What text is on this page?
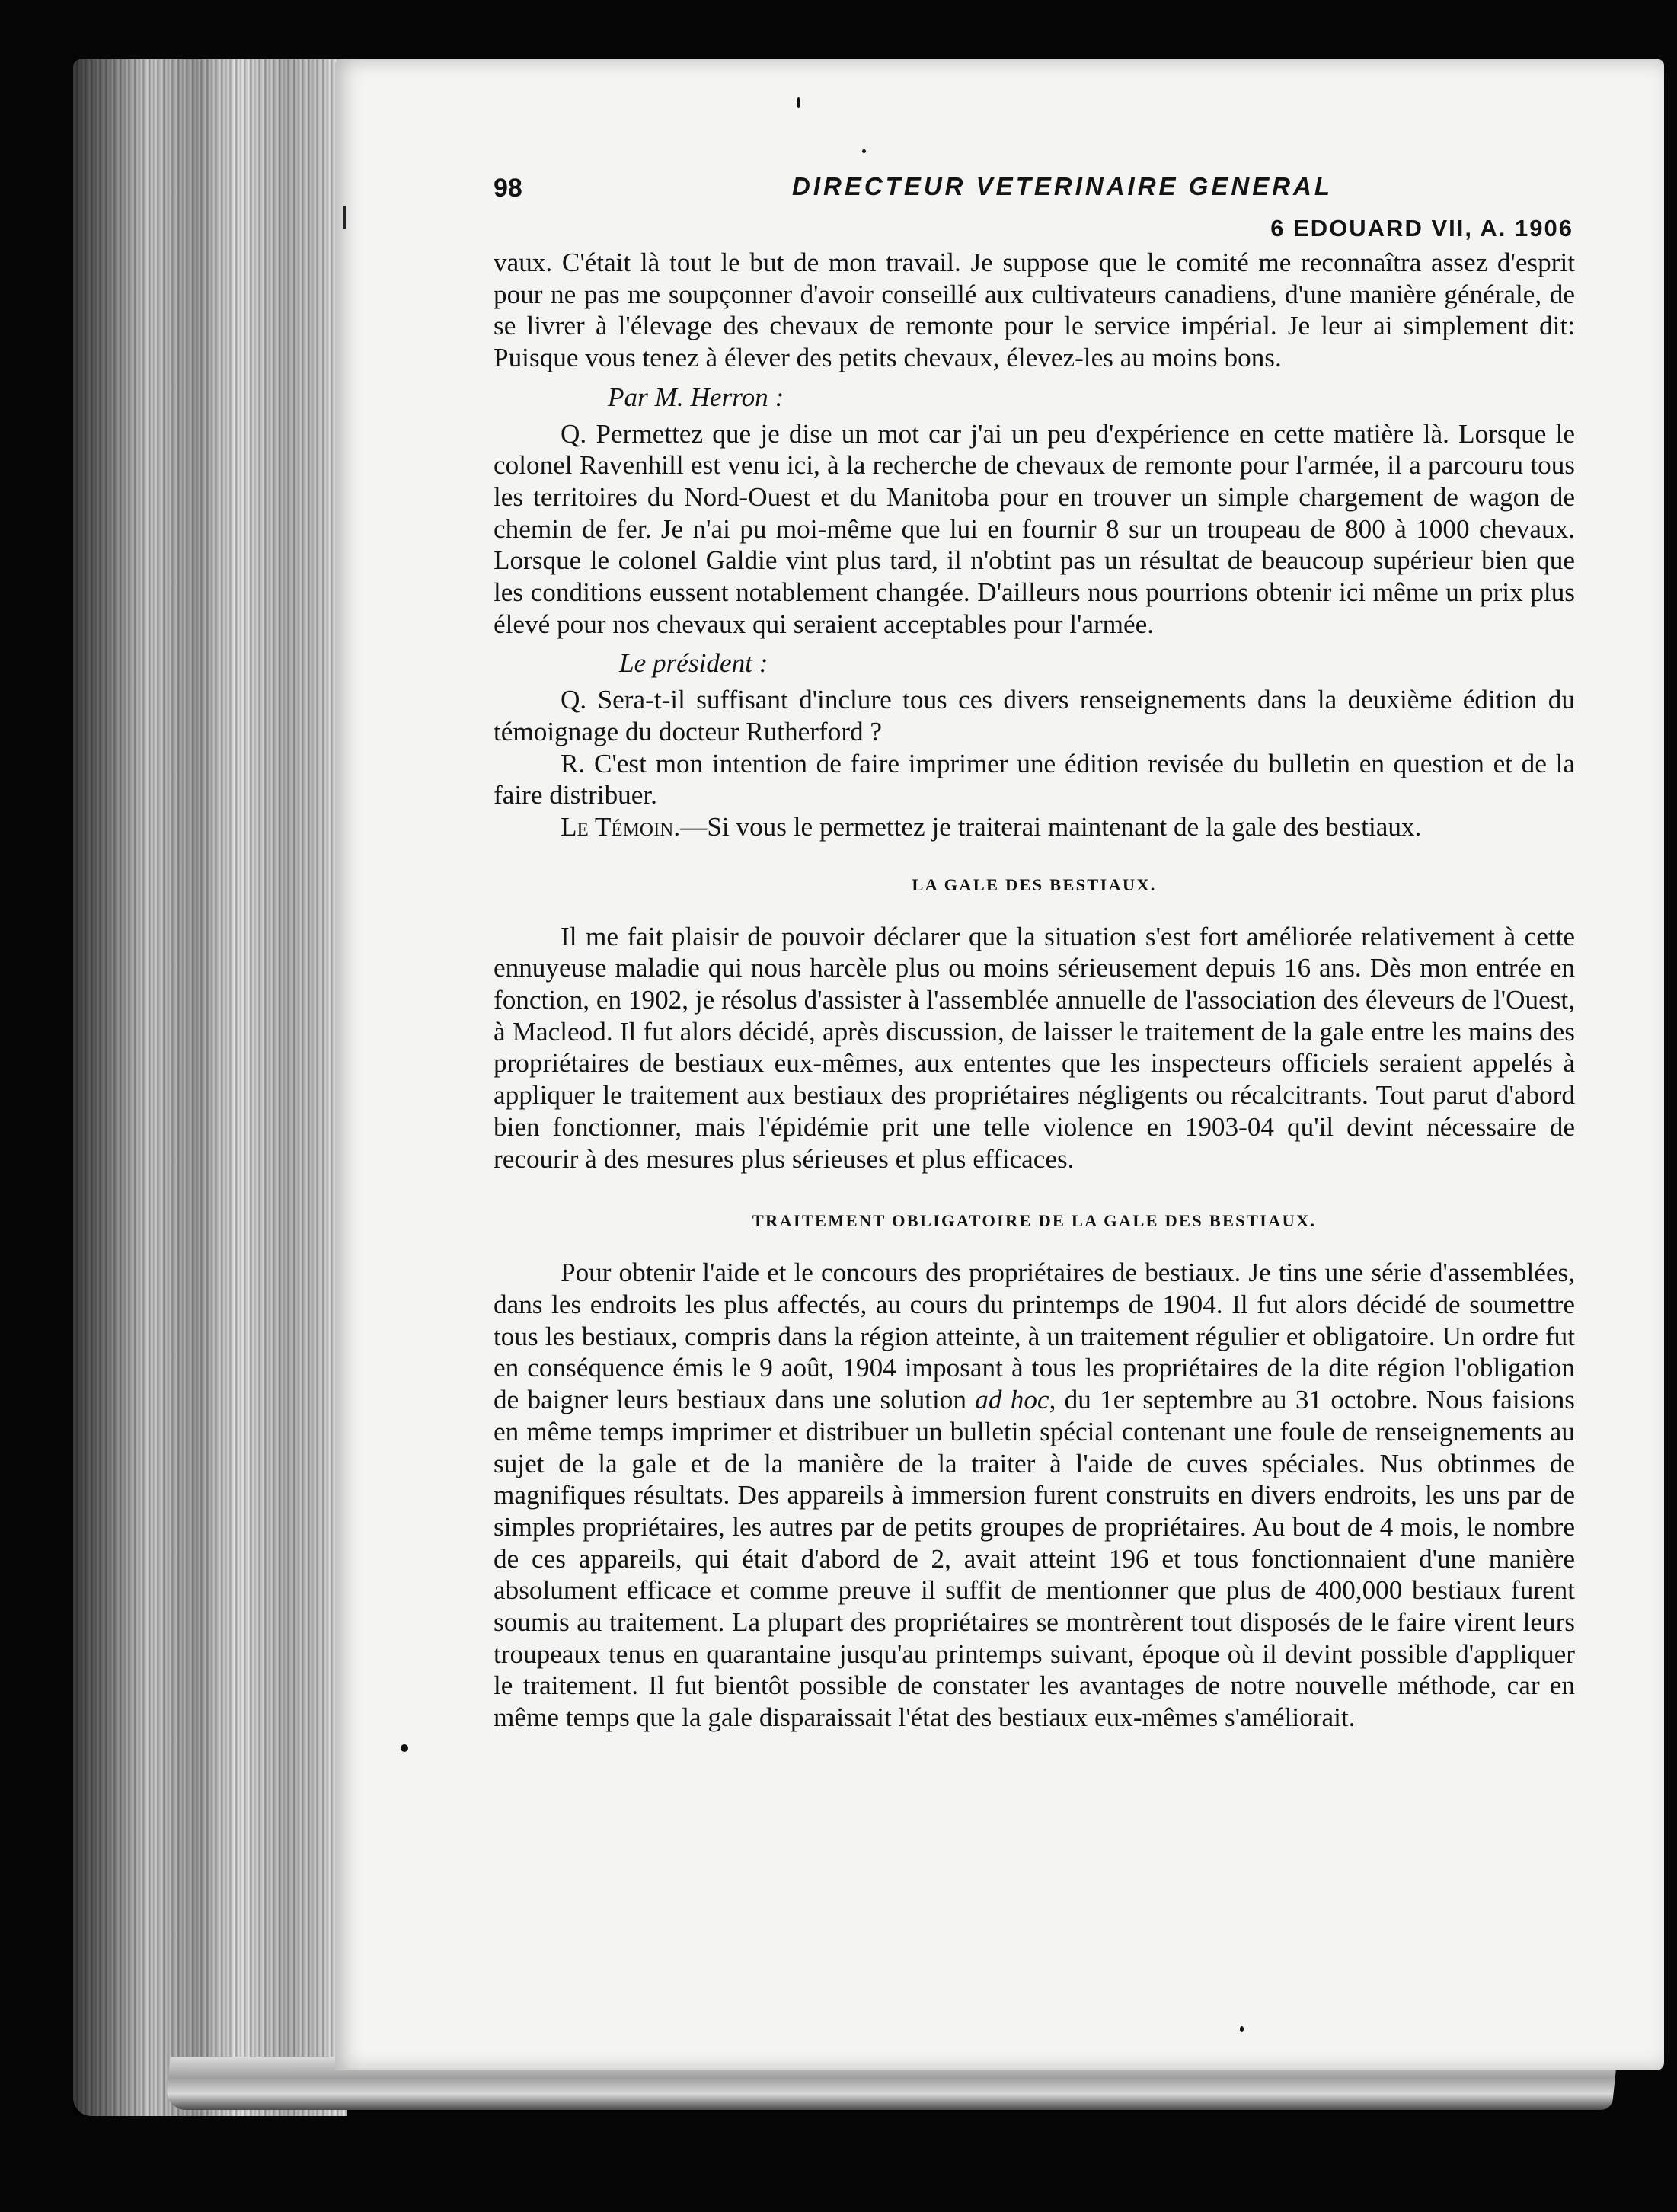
98	DIRECTEUR VETERINAIRE GENERAL
6 EDOUARD VII, A. 1906

vaux. C'était là tout le but de mon travail. Je suppose que le comité me reconnaîtra assez d'esprit pour ne pas me soupçonner d'avoir conseillé aux cultivateurs canadiens, d'une manière générale, de se livrer à l'élevage des chevaux de remonte pour le service impérial. Je leur ai simplement dit: Puisque vous tenez à élever des petits chevaux, élevez-les au moins bons.

Par M. Herron :

Q. Permettez que je dise un mot car j'ai un peu d'expérience en cette matière là. Lorsque le colonel Ravenhill est venu ici, à la recherche de chevaux de remonte pour l'armée, il a parcouru tous les territoires du Nord-Ouest et du Manitoba pour en trouver un simple chargement de wagon de chemin de fer. Je n'ai pu moi-même que lui en fournir 8 sur un troupeau de 800 à 1000 chevaux. Lorsque le colonel Galdie vint plus tard, il n'obtint pas un résultat de beaucoup supérieur bien que les conditions eussent notablement changée. D'ailleurs nous pourrions obtenir ici même un prix plus élevé pour nos chevaux qui seraient acceptables pour l'armée.

Le président :

Q. Sera-t-il suffisant d'inclure tous ces divers renseignements dans la deuxième édition du témoignage du docteur Rutherford ?

R. C'est mon intention de faire imprimer une édition revisée du bulletin en question et de la faire distribuer.

Le Témoin.—Si vous le permettez je traiterai maintenant de la gale des bestiaux.

LA GALE DES BESTIAUX.

Il me fait plaisir de pouvoir déclarer que la situation s'est fort améliorée relativement à cette ennuyeuse maladie qui nous harcèle plus ou moins sérieusement depuis 16 ans. Dès mon entrée en fonction, en 1902, je résolus d'assister à l'assemblée annuelle de l'association des éleveurs de l'Ouest, à Macleod. Il fut alors décidé, après discussion, de laisser le traitement de la gale entre les mains des propriétaires de bestiaux eux-mêmes, aux ententes que les inspecteurs officiels seraient appelés à appliquer le traitement aux bestiaux des propriétaires négligents ou récalcitrants. Tout parut d'abord bien fonctionner, mais l'épidémie prit une telle violence en 1903-04 qu'il devint nécessaire de recourir à des mesures plus sérieuses et plus efficaces.

TRAITEMENT OBLIGATOIRE DE LA GALE DES BESTIAUX.

Pour obtenir l'aide et le concours des propriétaires de bestiaux. Je tins une série d'assemblées, dans les endroits les plus affectés, au cours du printemps de 1904. Il fut alors décidé de soumettre tous les bestiaux, compris dans la région atteinte, à un traitement régulier et obligatoire. Un ordre fut en conséquence émis le 9 août, 1904 imposant à tous les propriétaires de la dite région l'obligation de baigner leurs bestiaux dans une solution ad hoc, du 1er septembre au 31 octobre. Nous faisions en même temps imprimer et distribuer un bulletin spécial contenant une foule de renseignements au sujet de la gale et de la manière de la traiter à l'aide de cuves spéciales. Nus obtinmes de magnifiques résultats. Des appareils à immersion furent construits en divers endroits, les uns par de simples propriétaires, les autres par de petits groupes de propriétaires. Au bout de 4 mois, le nombre de ces appareils, qui était d'abord de 2, avait atteint 196 et tous fonctionnaient d'une manière absolument efficace et comme preuve il suffit de mentionner que plus de 400,000 bestiaux furent soumis au traitement. La plupart des propriétaires se montrèrent tout disposés de le faire virent leurs troupeaux tenus en quarantaine jusqu'au printemps suivant, époque où il devint possible d'appliquer le traitement. Il fut bientôt possible de constater les avantages de notre nouvelle méthode, car en même temps que la gale disparaissait l'état des bestiaux eux-mêmes s'améliorait.
